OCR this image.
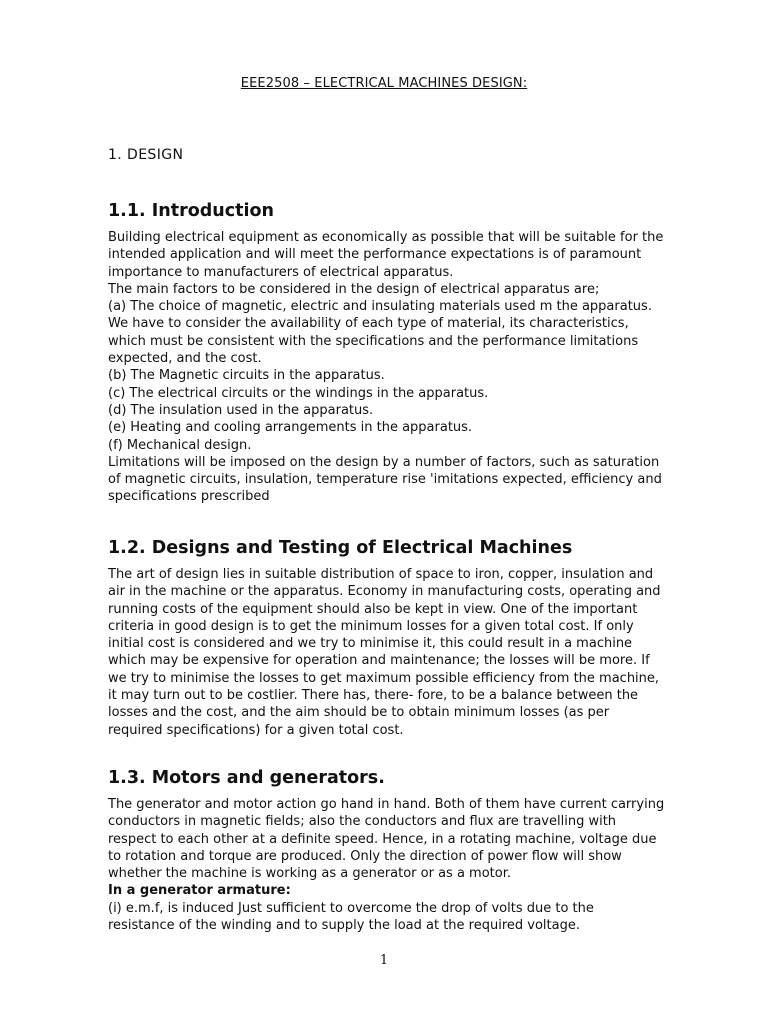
EEE2508 – ELECTRICAL MACHINES DESIGN:
1. DESIGN
1.1. Introduction
Building electrical equipment as economically as possible that will be suitable for the
intended application and will meet the performance expectations is of paramount
importance to manufacturers of electrical apparatus.
The main factors to be considered in the design of electrical apparatus are;
(a) The choice of magnetic, electric and insulating materials used m the apparatus.
We have to consider the availability of each type of material, its characteristics,
which must be consistent with the specifications and the performance limitations
expected, and the cost.
(b) The Magnetic circuits in the apparatus.
(c) The electrical circuits or the windings in the apparatus.
(d) The insulation used in the apparatus.
(e) Heating and cooling arrangements in the apparatus.
(f) Mechanical design.
Limitations will be imposed on the design by a number of factors, such as saturation
of magnetic circuits, insulation, temperature rise 'imitations expected, efficiency and
specifications prescribed
1.2. Designs and Testing of Electrical Machines
The art of design lies in suitable distribution of space to iron, copper, insulation and
air in the machine or the apparatus. Economy in manufacturing costs, operating and
running costs of the equipment should also be kept in view. One of the important
criteria in good design is to get the minimum losses for a given total cost. If only
initial cost is considered and we try to minimise it, this could result in a machine
which may be expensive for operation and maintenance; the losses will be more. If
we try to minimise the losses to get maximum possible efficiency from the machine,
it may turn out to be costlier. There has, there- fore, to be a balance between the
losses and the cost, and the aim should be to obtain minimum losses (as per
required specifications) for a given total cost.
1.3. Motors and generators.
The generator and motor action go hand in hand. Both of them have current carrying
conductors in magnetic fields; also the conductors and flux are travelling with
respect to each other at a definite speed. Hence, in a rotating machine, voltage due
to rotation and torque are produced. Only the direction of power flow will show
whether the machine is working as a generator or as a motor.
In a generator armature:
(i) e.m.f, is induced Just sufficient to overcome the drop of volts due to the
resistance of the winding and to supply the load at the required voltage.
1
